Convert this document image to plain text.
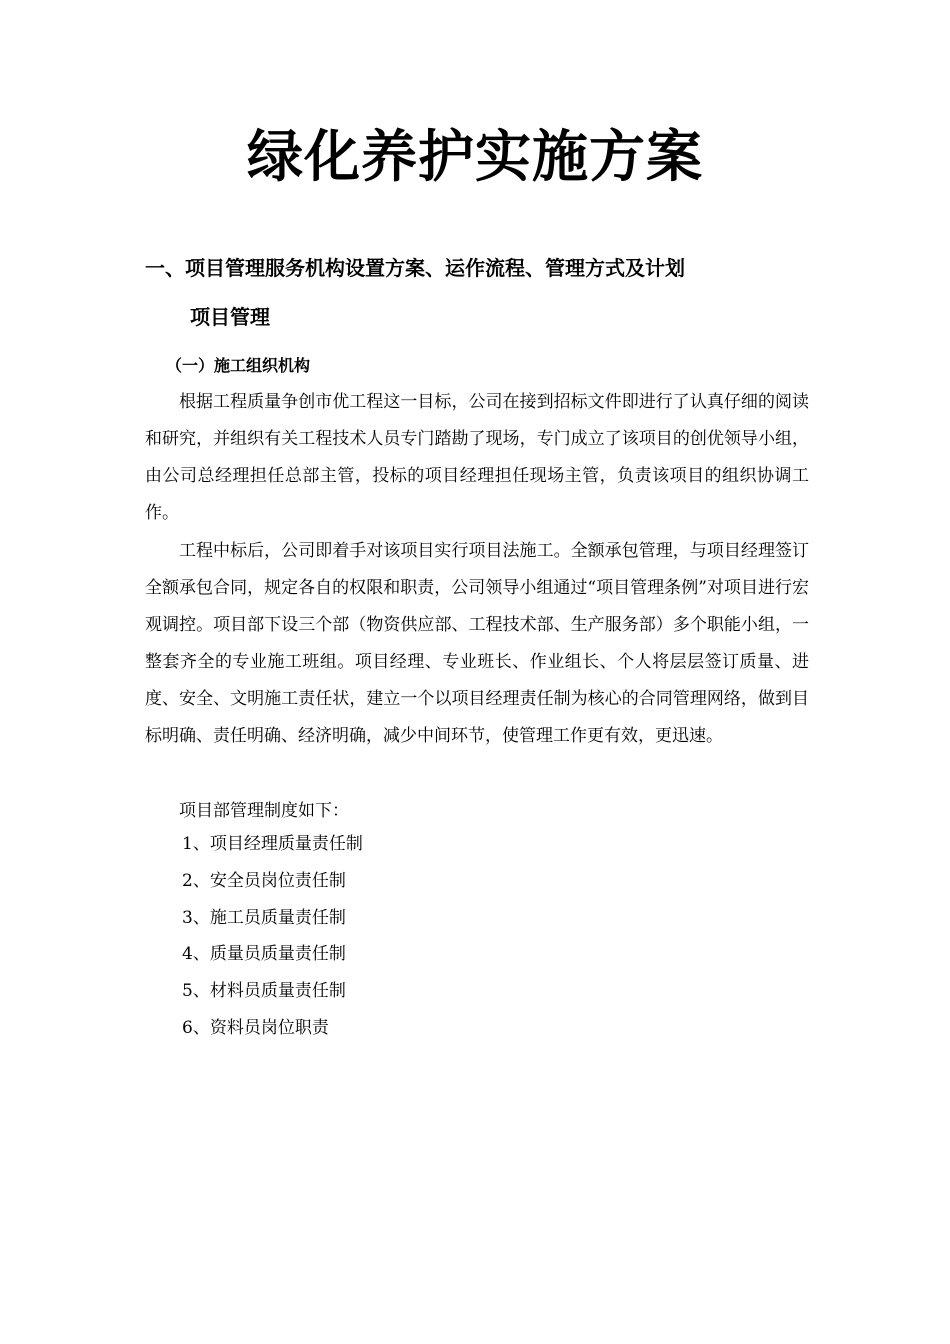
绿化养护实施方案
一、项目管理服务机构设置方案、运作流程、管理方式及计划
项目管理
（一）施工组织机构

根据工程质量争创市优工程这一目标，公司在接到招标文件即进行了认真仔细的阅读和研究，并组织有关工程技术人员专门踏勘了现场，专门成立了该项目的创优领导小组，由公司总经理担任总部主管，投标的项目经理担任现场主管，负责该项目的组织协调工作。

工程中标后，公司即着手对该项目实行项目法施工。全额承包管理，与项目经理签订全额承包合同，规定各自的权限和职责，公司领导小组通过“项目管理条例”对项目进行宏观调控。项目部下设三个部（物资供应部、工程技术部、生产服务部）多个职能小组，一整套齐全的专业施工班组。项目经理、专业班长、作业组长、个人将层层签订质量、进度、安全、文明施工责任状，建立一个以项目经理责任制为核心的合同管理网络，做到目标明确、责任明确、经济明确，减少中间环节，使管理工作更有效，更迅速。

项目部管理制度如下：

1、项目经理质量责任制
2、安全员岗位责任制
3、施工员质量责任制
4、质量员质量责任制
5、材料员质量责任制
6、资料员岗位职责
